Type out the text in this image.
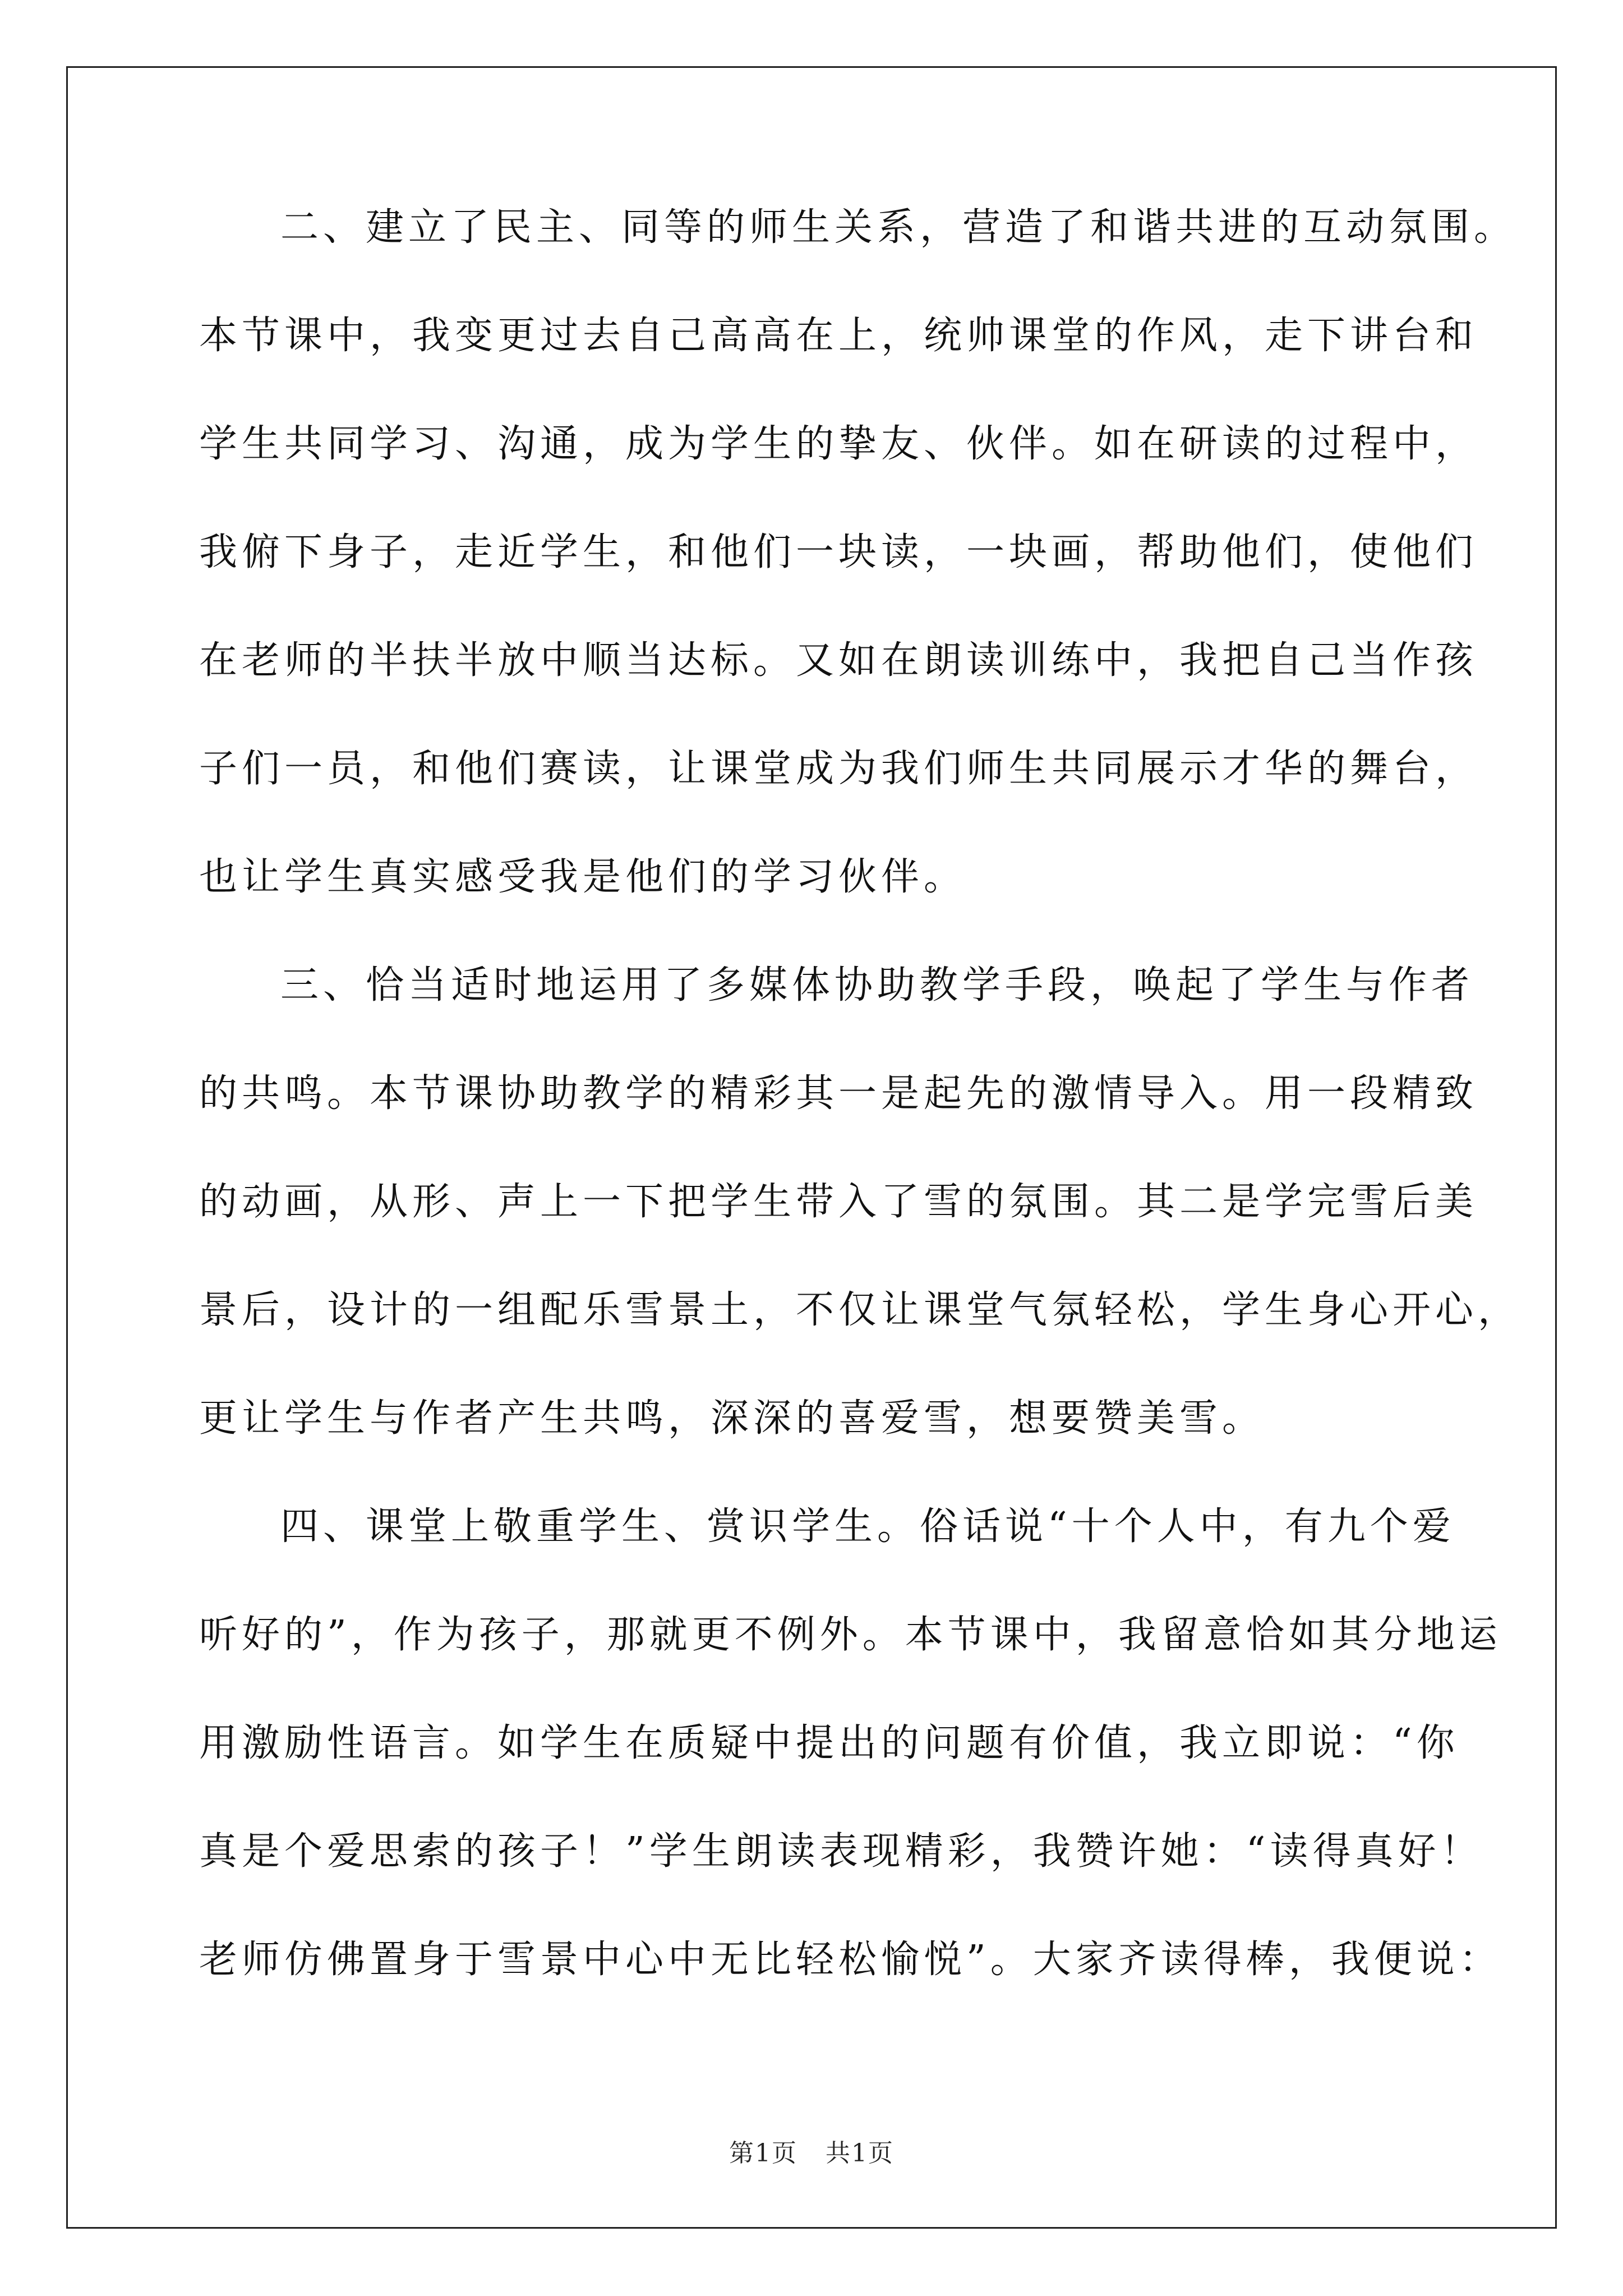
二、建立了民主、同等的师生关系，营造了和谐共进的互动氛围。
本节课中，我变更过去自己高高在上，统帅课堂的作风，走下讲台和
学生共同学习、沟通，成为学生的挚友、伙伴。如在研读的过程中，
我俯下身子，走近学生，和他们一块读，一块画，帮助他们，使他们
在老师的半扶半放中顺当达标。又如在朗读训练中，我把自己当作孩
子们一员，和他们赛读，让课堂成为我们师生共同展示才华的舞台，
也让学生真实感受我是他们的学习伙伴。
三、恰当适时地运用了多媒体协助教学手段，唤起了学生与作者
的共鸣。本节课协助教学的精彩其一是起先的激情导入。用一段精致
的动画，从形、声上一下把学生带入了雪的氛围。其二是学完雪后美
景后，设计的一组配乐雪景土，不仅让课堂气氛轻松，学生身心开心，
更让学生与作者产生共鸣，深深的喜爱雪，想要赞美雪。
四、课堂上敬重学生、赏识学生。俗话说“十个人中，有九个爱
听好的”，作为孩子，那就更不例外。本节课中，我留意恰如其分地运
用激励性语言。如学生在质疑中提出的问题有价值，我立即说：“你
真是个爱思索的孩子！”学生朗读表现精彩，我赞许她：“读得真好！
老师仿佛置身于雪景中心中无比轻松愉悦”。大家齐读得棒，我便说：
第1页 共1页
